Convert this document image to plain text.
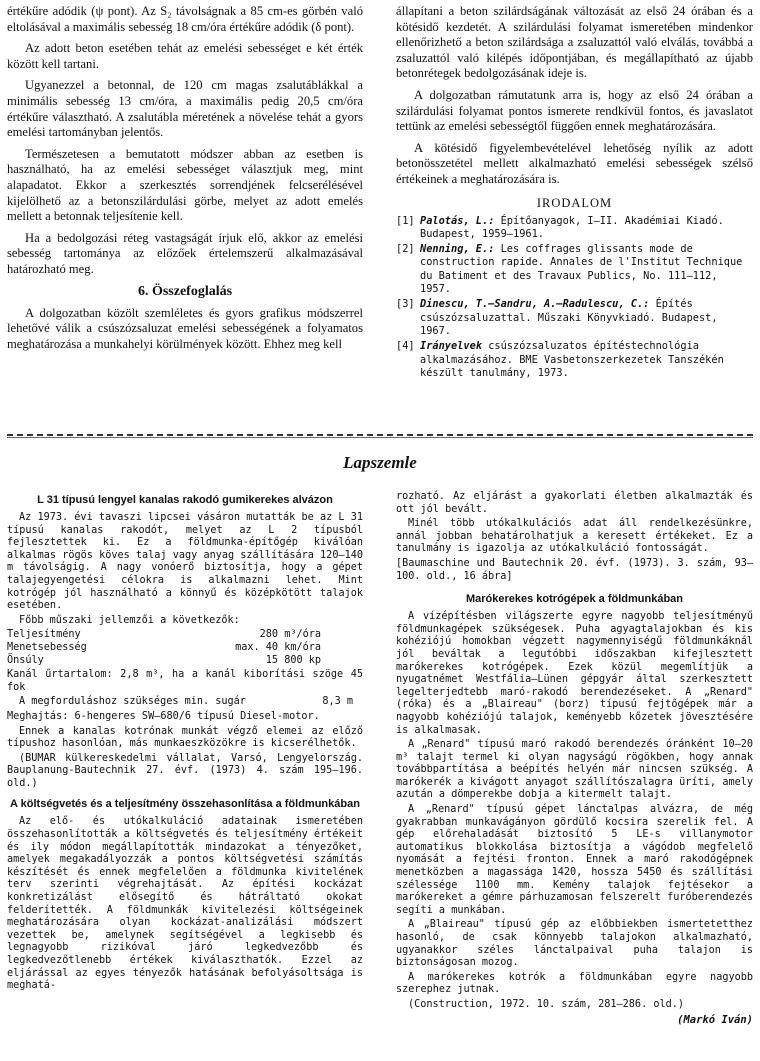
értékűre adódik (ψ pont). Az S₂ távolságnak a 85 cm-es görbén való eltolásával a maximális sebesség 18 cm/óra értékűre adódik (δ pont).

Az adott beton esetében tehát az emelési sebességet e két érték között kell tartani.

Ugyanezzel a betonnal, de 120 cm magas zsalutáblákkal a minimális sebesség 13 cm/óra, a maximális pedig 20,5 cm/óra értékűre választható. A zsalutábla méretének a növelése tehát a gyors emelési tartományban jelentős.

Természetesen a bemutatott módszer abban az esetben is használható, ha az emelési sebességet választjuk meg, mint alapadatot. Ekkor a szerkesztés sorrendjének felcserélésével kijelölhető az a betonszilárdulási görbe, melyet az adott emelés mellett a betonnak teljesítenie kell.

Ha a bedolgozási réteg vastagságát írjuk elő, akkor az emelési sebesség tartománya az előzőek értelemszerű alkalmazásával határozható meg.

6. Összefoglalás

A dolgozatban közölt szemléletes és gyors grafikus módszerrel lehetővé válik a csúszózsaluzat emelési sebességének a folyamatos meghatározása a munkahelyi körülmények között. Ehhez meg kell

állapítani a beton szilárdságának változását az első 24 órában és a kötésidő kezdetét. A szilárdulási folyamat ismeretében mindenkor ellenőrizhető a beton szilárdsága a zsaluzattól való elválás, továbbá a zsaluzattól való kilépés időpontjában, és megállapítható az újabb betonrétegek bedolgozásának ideje is.

A dolgozatban rámutatunk arra is, hogy az első 24 órában a szilárdulási folyamat pontos ismerete rendkívül fontos, és javaslatot tettünk az emelési sebességtől függően ennek meghatározására.

A kötésidő figyelembevételével lehetőség nyílik az adott betonösszetétel mellett alkalmazható emelési sebességek szélső értékeinek a meghatározására is.

IRODALOM
[1] Palotás, L.: Építőanyagok, I—II. Akadémiai Kiadó. Budapest, 1959—1961.
[2] Nenning, E.: Les coffrages glissants mode de construction rapide. Annales de l'Institut Technique du Batiment et des Travaux Publics, No. 111—112, 1957.
[3] Dinescu, T.—Sandru, A.—Radulescu, C.: Építés csúszózsaluzattal. Műszaki Könyvkiadó. Budapest, 1967.
[4] Irányelvek csúszózsaluzatos építéstechnológia alkalmazásához. BME Vasbetonszerkezetek Tanszékén készült tanulmány, 1973.
Lapszemle
L 31 típusú lengyel kanalas rakodó gumikerekes alvázon

Az 1973. évi tavaszi lipcsei vásáron mutatták be az L 31 típusú kanalas rakodót, melyet az L 2 típusból fejlesztettek ki. Ez a földmunka-építőgép kiválóan alkalmas rögös köves talaj vagy anyag szállítására 120—140 m távolságig. A nagy vonóerő biztosítja, hogy a gépet talajegyengetési célokra is alkalmazni lehet. Mint kotrógép jól használható a könnyű és középkötött talajok esetében.

Főbb műszaki jellemzői a következők:

Teljesítmény	280 m³/óra
Menetsebesség	max. 40 km/óra
Önsúly	15 800 kp

Kanál űrtartalom: 2,8 m³, ha a kanál kiborítási szöge 45 fok

A megforduláshoz szükséges min. sugár	8,3 m

Meghajtás: 6-hengeres SW—680/6 típusú Diesel-motor.

Ennek a kanalas kotrónak munkát végző elemei az előző típushoz hasonlóan, más munkaeszközökre is kicserélhetők.

(BUMAR külkereskedelmi vállalat, Varsó, Lengyelország. Bauplanung-Bautechnik 27. évf. (1973) 4. szám 195—196. old.)

A költségvetés és a teljesítmény összehasonlítása a földmunkában

Az elő- és utókalkuláció adatainak ismeretében összehasonlították a költségvetés és teljesítmény értékeit és ily módon megállapították mindazokat a tényezőket, amelyek megakadályozzák a pontos költségvetési számítás készítését és ennek megfelelően a földmunka kivitelének terv szerinti végrehajtását. Az építési kockázat konkretizálást elősegítő és hátráltató okokat felderítették. A földmunkák kivitelezési költségeinek meghatározására olyan kockázat-analizálási módszert vezettek be, amelynek segítségével a legkisebb és legnagyobb rizikóval járó legkedvezőbb és legkedvezőtlenebb értékek kiválaszthatók. Ezzel az eljárással az egyes tényezők hatásának befolyásoltsága is meghatá-

rozható. Az eljárást a gyakorlati életben alkalmazták és ott jól bevált.

Minél több utókalkulációs adat áll rendelkezésünkre, annál jobban behatárolhatjuk a keresett értékeket. Ez a tanulmány is igazolja az utókalkuláció fontosságát.

[Baumaschine und Bautechnik 20. évf. (1973). 3. szám, 93—100. old., 16 ábra]

Marókerekes kotrógépek a földmunkában

A vízépítésben világszerte egyre nagyobb teljesítményű földmunkagépek szükségesek. Puha agyagtalajokban és kis kohéziójú homokban végzett nagymennyiségű földmunkáknál jól beváltak a legutóbbi időszakban kifejlesztett marókerekes kotrógépek. Ezek közül megemlítjük a nyugatnémet Westfália—Lünen gépgyár által szerkesztett legelterjedtebb maró-rakodó berendezéseket. A „Renard" (róka) és a „Blaireau" (borz) típusú fejtőgépek már a nagyobb kohéziójú talajok, keményebb kőzetek jövesztésére is alkalmasak.

A „Renard" típusú maró rakodó berendezés óránként 10—20 m³ talajt termel ki olyan nagyságú rögökben, hogy annak továbbpartítása a beépítés helyén már nincsen szükség. A marókerék a kivágott anyagot szállítószalagra üríti, amely azután a dömperekbe dobja a kitermelt talajt.

A „Renard" típusú gépet lánctalpas alvázra, de még gyakrabban munkavágányon gördülő kocsira szerelik fel. A gép előrehaladását biztosító 5 LE-s villanymotor automatikus blokkolása biztosítja a vágódob megfelelő nyomását a fejtési fronton. Ennek a maró rakodógépnek menetközben a magassága 1420, hossza 5450 és szállítási szélessége 1100 mm. Kemény talajok fejtésekor a marókereket a gémre párhuzamosan felszerelt furóberendezés segíti a munkában.

A „Blaireau" típusú gép az előbbiekben ismertetetthez hasonló, de csak könnyebb talajokon alkalmazható, ugyanakkor széles lánctalpaival puha talajon is biztonságosan mozog.

A marókerekes kotrók a földmunkában egyre nagyobb szerephez jutnak.

(Construction, 1972. 10. szám, 281—286. old.)

(Markó Iván)
